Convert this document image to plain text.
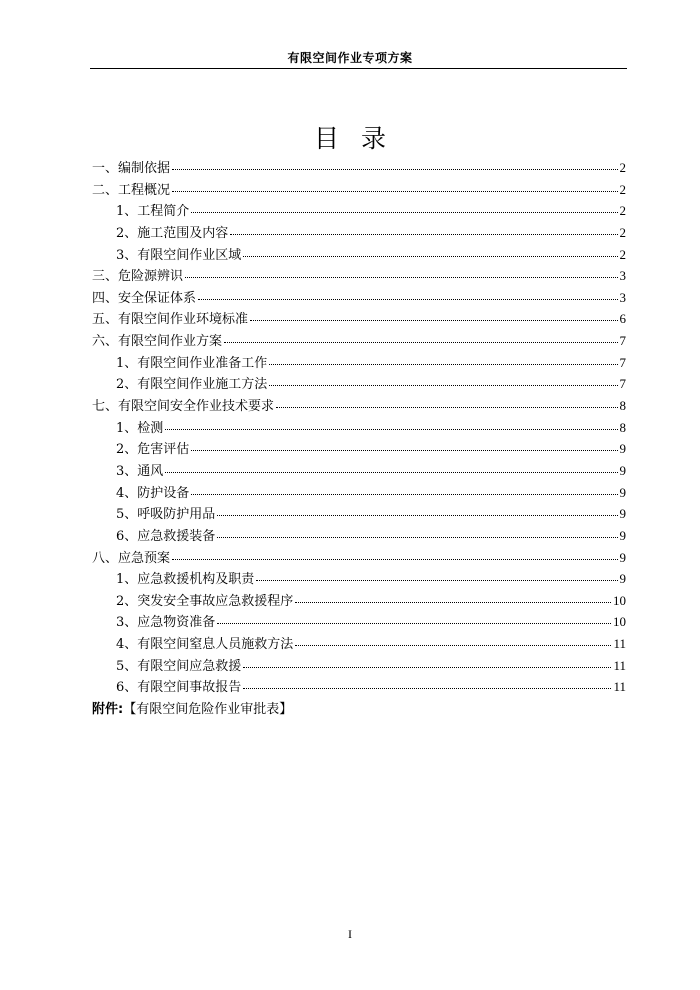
有限空间作业专项方案
目录
一、编制依据	2
二、工程概况	2
1、工程简介	2
2、施工范围及内容	2
3、有限空间作业区域	2
三、危险源辨识	3
四、安全保证体系	3
五、有限空间作业环境标准	6
六、有限空间作业方案	7
1、有限空间作业准备工作	7
2、有限空间作业施工方法	7
七、有限空间安全作业技术要求	8
1、检测	8
2、危害评估	9
3、通风	9
4、防护设备	9
5、呼吸防护用品	9
6、应急救援装备	9
八、应急预案	9
1、应急救援机构及职责	9
2、突发安全事故应急救援程序	10
3、应急物资准备	10
4、有限空间窒息人员施救方法	11
5、有限空间应急救援	11
6、有限空间事故报告	11
附件: 【有限空间危险作业审批表】
I
